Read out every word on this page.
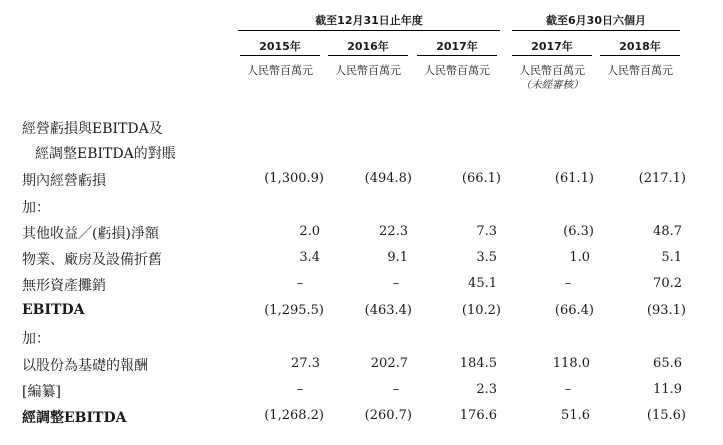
截至12月31日止年度	截至6月30日六個月
2015年	2016年	2017年	2017年	2018年
人民幣百萬元	人民幣百萬元	人民幣百萬元	人民幣百萬元	人民幣百萬元
（未經審核）
經營虧損與EBITDA及
經調整EBITDA的對賬
期內經營虧損	(1,300.9)	(494.8)	(66.1)	(61.1)	(217.1)
加：
其他收益／(虧損)淨額	2.0	22.3	7.3	(6.3)	48.7
物業、廠房及設備折舊	3.4	9.1	3.5	1.0	5.1
無形資產攤銷	–	–	45.1	–	70.2
EBITDA	(1,295.5)	(463.4)	(10.2)	(66.4)	(93.1)
加：
以股份為基礎的報酬	27.3	202.7	184.5	118.0	65.6
[編纂]	–	–	2.3	–	11.9
經調整EBITDA	(1,268.2)	(260.7)	176.6	51.6	(15.6)
